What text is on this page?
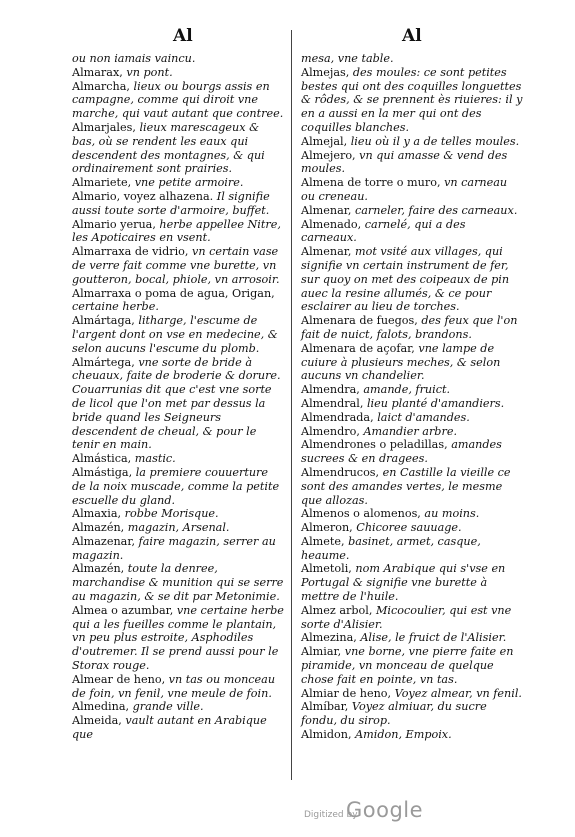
Al	Al
ou non iamais vaincu.
Almarax, vn pont.
Almarcha, lieux ou bourgs assis en campagne, comme qui diroit vne marche, qui vaut autant que contree.
Almarjales, lieux marescageux & bas, où se rendent les eaux qui descendent des montagnes, & qui ordinairement sont prairies.
Almariete, vne petite armoire.
Almario, voyez alhazena. Il signifie aussi toute sorte d'armoire, buffet.
Almario yerua, herbe appellee Nitre, les Apoticaires en vsent.
Almarraxa de vidrio, vn certain vase de verre fait comme vne burette, vn goutteron, bocal, phiole, vn arrosoir.
Almarraxa o poma de agua, Origan, certaine herbe.
Almártaga, litharge, l'escume de l'argent dont on vse en medecine, & selon aucuns l'escume du plomb.
Almártega, vne sorte de bride à cheuaux, faite de broderie & dorure. Couarrunias dit que c'est vne sorte de licol que l'on met par dessus la bride quand les Seigneurs descendent de cheual, & pour le tenir en main.
Almástica, mastic.
Almástiga, la premiere couuerture de la noix muscade, comme la petite escuelle du gland.
Almaxia, robbe Morisque.
Almazén, magazin, Arsenal.
Almazenar, faire magazin, serrer au magazin.
Almazén, toute la denree, marchandise & munition qui se serre au magazin, & se dit par Metonimie.
Almea o azumbar, vne certaine herbe qui a les fueilles comme le plantain, vn peu plus estroite, Asphodiles d'outremer. Il se prend aussi pour le Storax rouge.
Almear de heno, vn tas ou monceau de foin, vn fenil, vne meule de foin.
Almedina, grande ville.
Almeida, vault autant en Arabique que
mesa, vne table.
Almejas, des moules: ce sont petites bestes qui ont des coquilles longuettes & rôdes, & se prennent ès riuieres: il y en a aussi en la mer qui ont des coquilles blanches.
Almejal, lieu où il y a de telles moules.
Almejero, vn qui amasse & vend des moules.
Almena de torre o muro, vn carneau ou creneau.
Almenar, carneler, faire des carneaux.
Almenado, carnelé, qui a des carneaux.
Almenar, mot vsité aux villages, qui signifie vn certain instrument de fer, sur quoy on met des coipeaux de pin auec la resine allumés, & ce pour esclairer au lieu de torches.
Almenara de fuegos, des feux que l'on fait de nuict, falots, brandons.
Almenara de açofar, vne lampe de cuiure à plusieurs meches, & selon aucuns vn chandelier.
Almendra, amande, fruict.
Almendral, lieu planté d'amandiers.
Almendrada, laict d'amandes.
Almendro, Amandier arbre.
Almendrones o peladillas, amandes sucrees & en dragees.
Almendrucos, en Castille la vieille ce sont des amandes vertes, le mesme que allozas.
Almenos o alomenos, au moins.
Almeron, Chicoree sauuage.
Almete, basinet, armet, casque, heaume.
Almetoli, nom Arabique qui s'vse en Portugal & signifie vne burette à mettre de l'huile.
Almez arbol, Micocoulier, qui est vne sorte d'Alisier.
Almezina, Alise, le fruict de l'Alisier.
Almiar, vne borne, vne pierre faite en piramide, vn monceau de quelque chose fait en pointe, vn tas.
Almiar de heno, Voyez almear, vn fenil.
Almíbar, Voyez almiuar, du sucre fondu, du sirop.
Almidon, Amidon, Empoix.
Digitized by
Google
